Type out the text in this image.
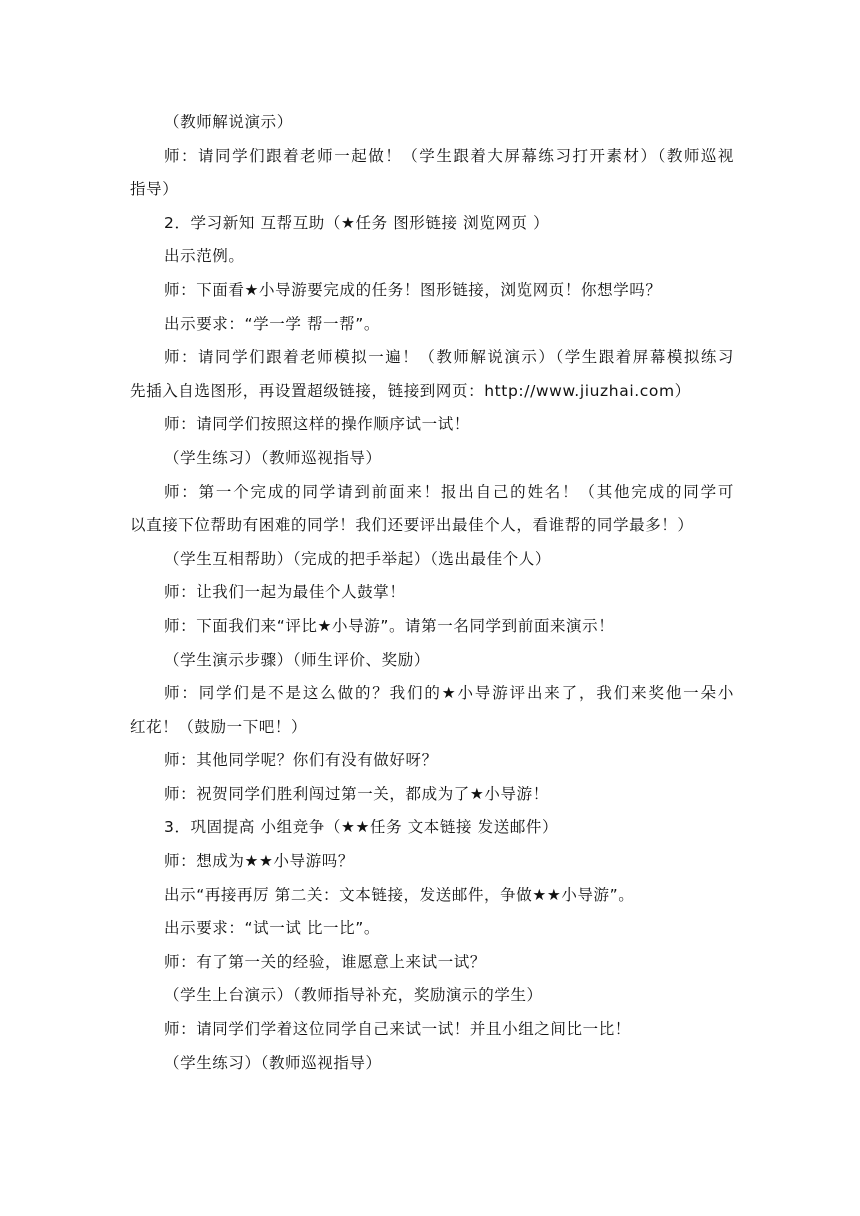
（教师解说演示）
师：请同学们跟着老师一起做！（学生跟着大屏幕练习打开素材）（教师巡视
指导）
2．学习新知 互帮互助（★任务 图形链接 浏览网页 ）
出示范例。
师：下面看★小导游要完成的任务！图形链接，浏览网页！你想学吗？
出示要求：“学一学 帮一帮”。
师：请同学们跟着老师模拟一遍！（教师解说演示）（学生跟着屏幕模拟练习
先插入自选图形，再设置超级链接，链接到网页：http://www.jiuzhai.com）
师：请同学们按照这样的操作顺序试一试！
（学生练习）（教师巡视指导）
师：第一个完成的同学请到前面来！报出自己的姓名！（其他完成的同学可
以直接下位帮助有困难的同学！我们还要评出最佳个人，看谁帮的同学最多！）
（学生互相帮助）（完成的把手举起）（选出最佳个人）
师：让我们一起为最佳个人鼓掌！
师：下面我们来“评比★小导游”。请第一名同学到前面来演示！
（学生演示步骤）（师生评价、奖励）
师：同学们是不是这么做的？我们的★小导游评出来了，我们来奖他一朵小
红花！（鼓励一下吧！）
师：其他同学呢？你们有没有做好呀？
师：祝贺同学们胜利闯过第一关，都成为了★小导游！
3．巩固提高 小组竞争（★★任务 文本链接 发送邮件）
师：想成为★★小导游吗？
出示“再接再厉 第二关：文本链接，发送邮件，争做★★小导游”。
出示要求：“试一试 比一比”。
师：有了第一关的经验，谁愿意上来试一试？
（学生上台演示）（教师指导补充，奖励演示的学生）
师：请同学们学着这位同学自己来试一试！并且小组之间比一比！
（学生练习）（教师巡视指导）
